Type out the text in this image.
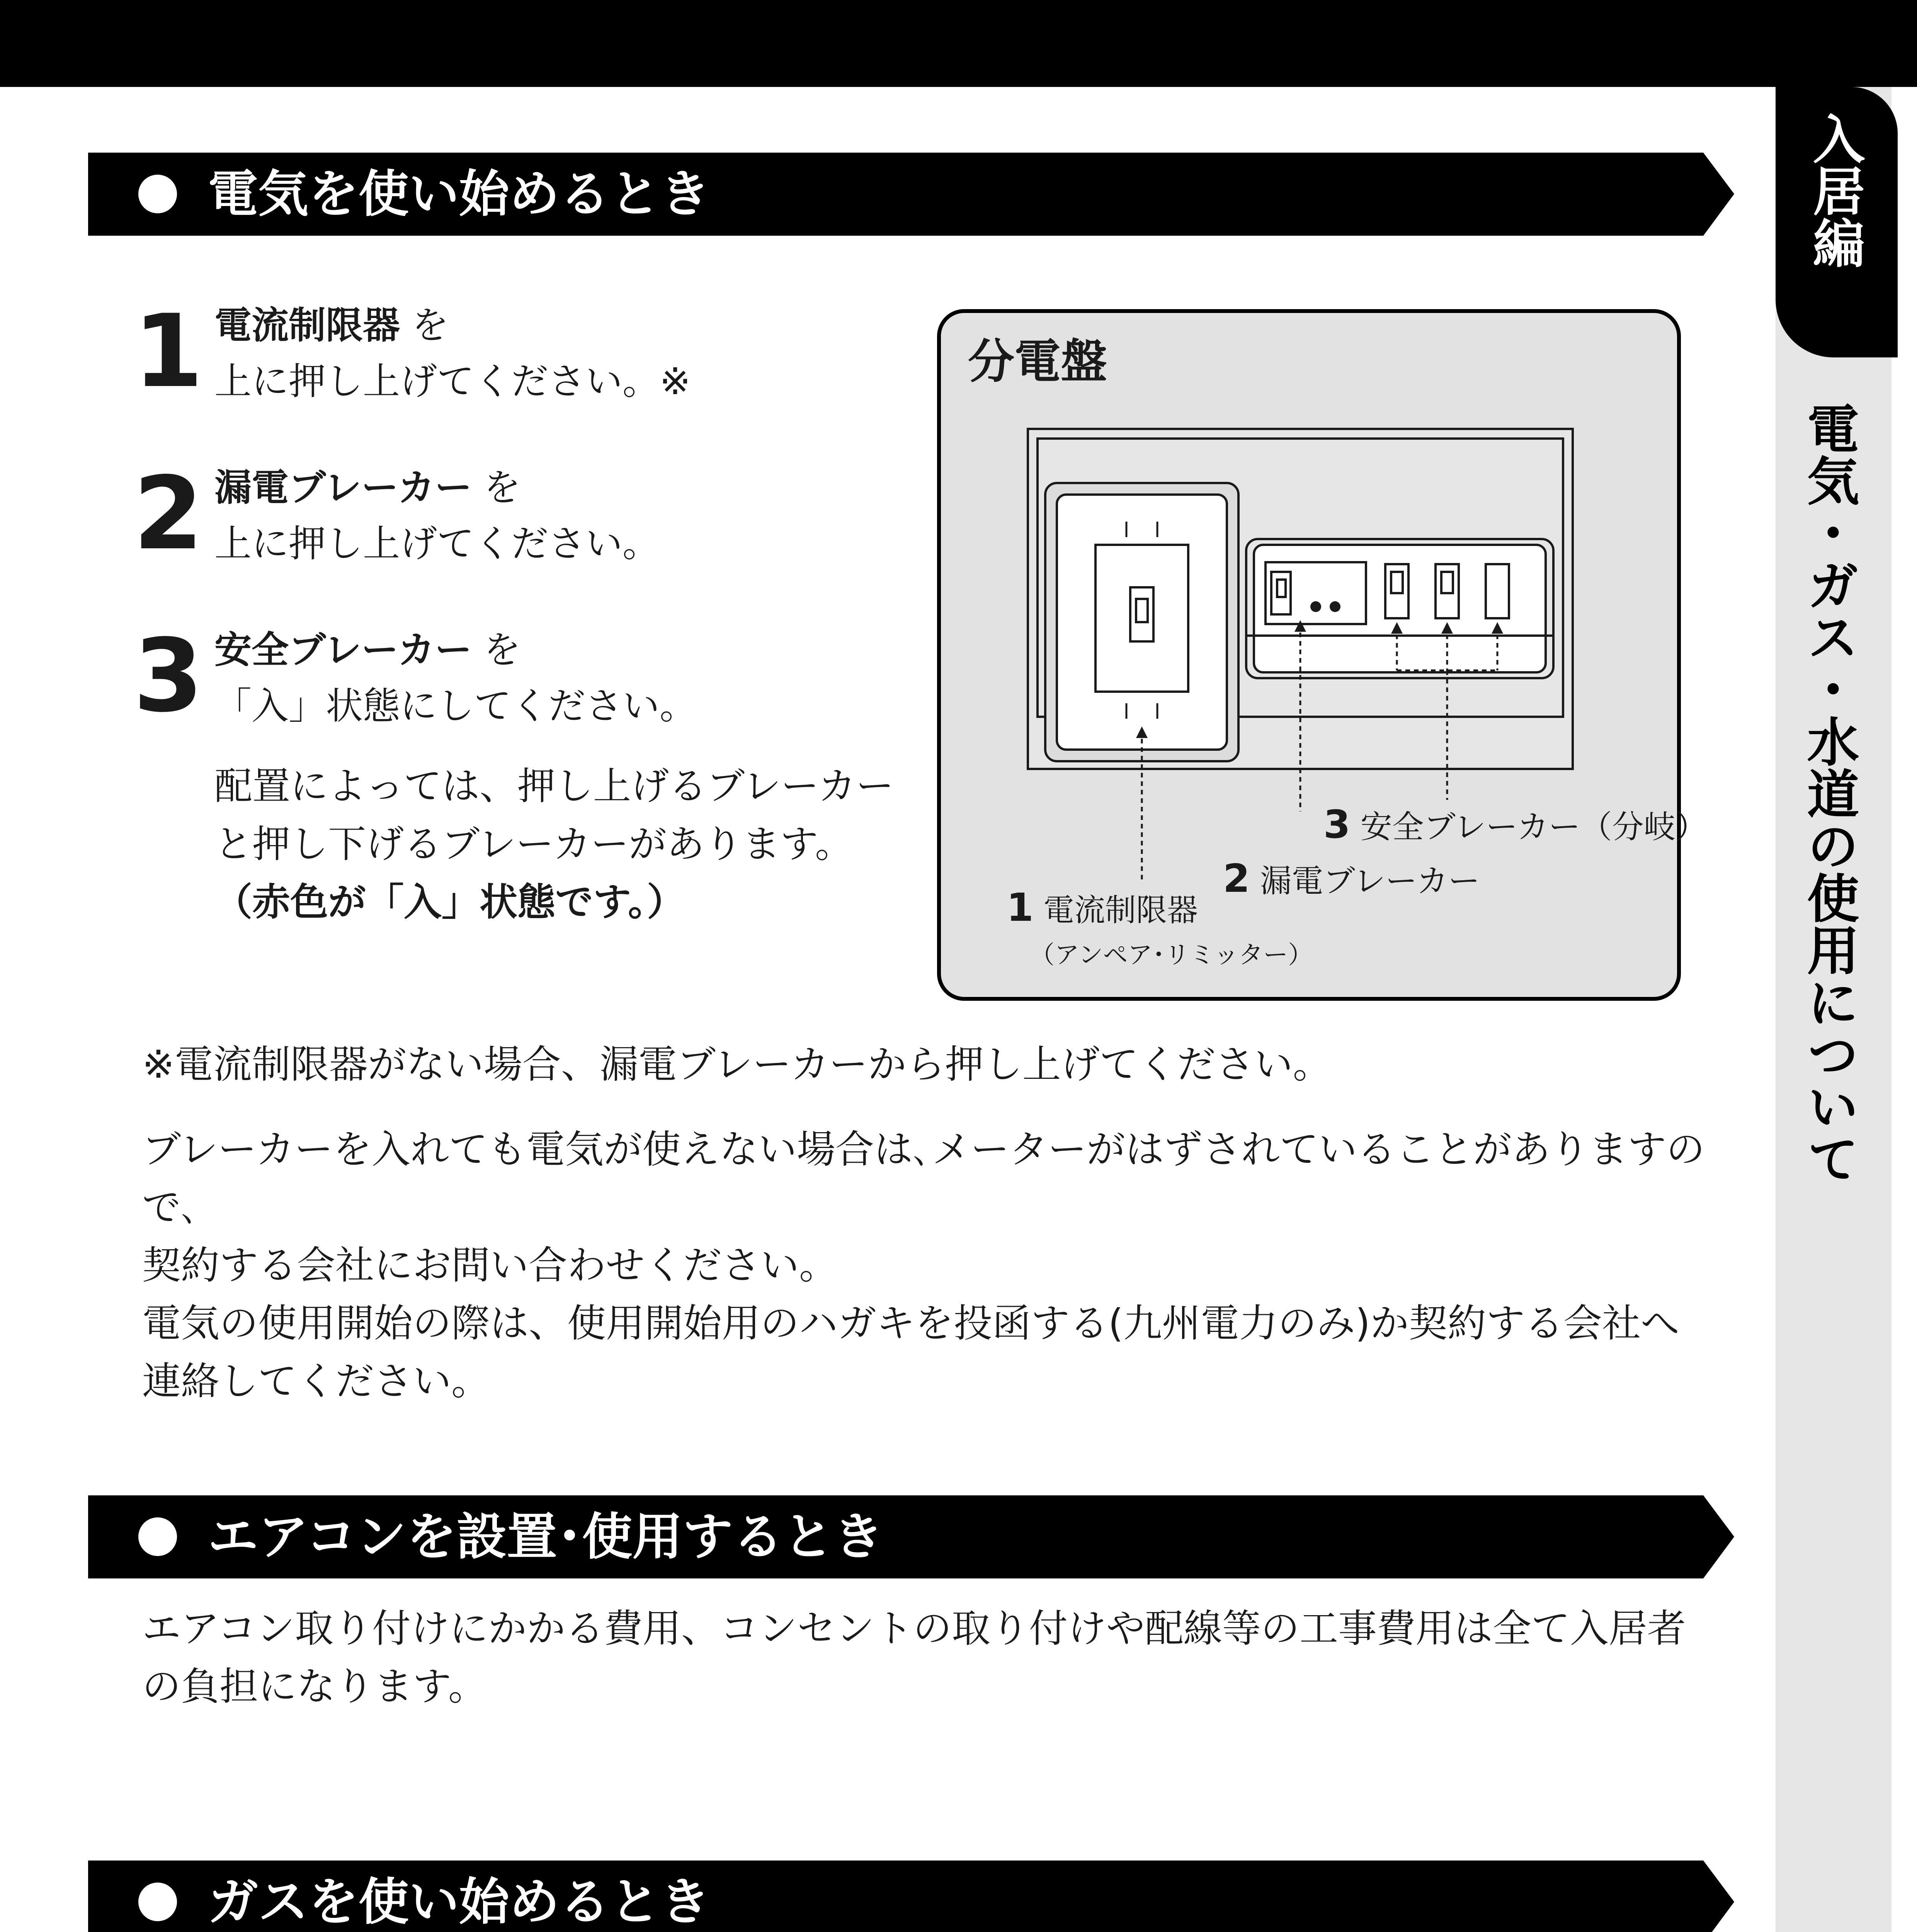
入居編
電気・ガス・水道の使用について
電気を使い始めるとき
1 電流制限器 を
上に押し上げてください。※
2 漏電ブレーカー を
上に押し上げてください。
3 安全ブレーカー を
「入」状態にしてください。
配置によっては、押し上げるブレーカー
と押し下げるブレーカーがあります。
（赤色が「入」状態です。）
分電盤
3 安全ブレーカー（分岐）
2 漏電ブレーカー
1 電流制限器
（アンペア･リミッター）
※電流制限器がない場合、漏電ブレーカーから押し上げてください。
ブレーカーを入れても電気が使えない場合は､メーターがはずされていることがありますので､
契約する会社にお問い合わせください。
電気の使用開始の際は、使用開始用のハガキを投函する(九州電力のみ)か契約する会社へ
連絡してください。
エアコンを設置･使用するとき
エアコン取り付けにかかる費用、コンセントの取り付けや配線等の工事費用は全て入居者
の負担になります。
ガスを使い始めるとき
